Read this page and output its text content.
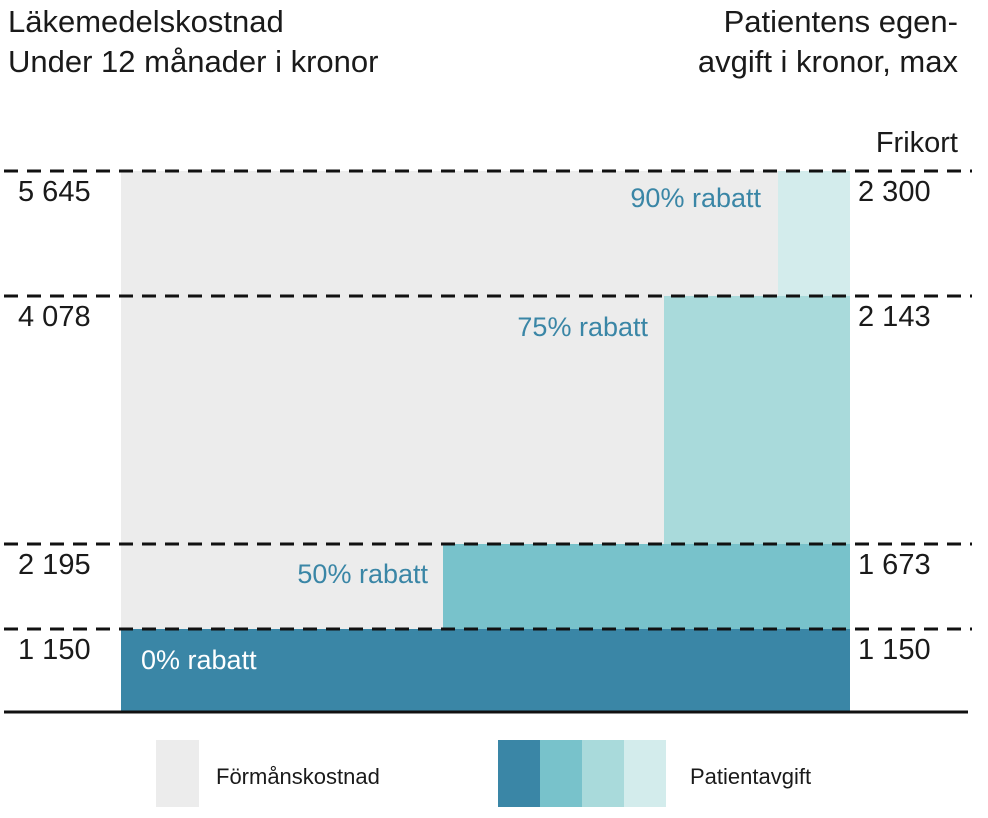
Läkemedelskostnad
Under 12 månader i kronor
Patientens egen-
avgift i kronor, max
1 150	1 150
2 195	1 673
4 078	2 143
5 645	2 300
0% rabatt
50% rabatt
75% rabatt
90% rabatt
Frikort
Förmånskostnad	Patientavgift
